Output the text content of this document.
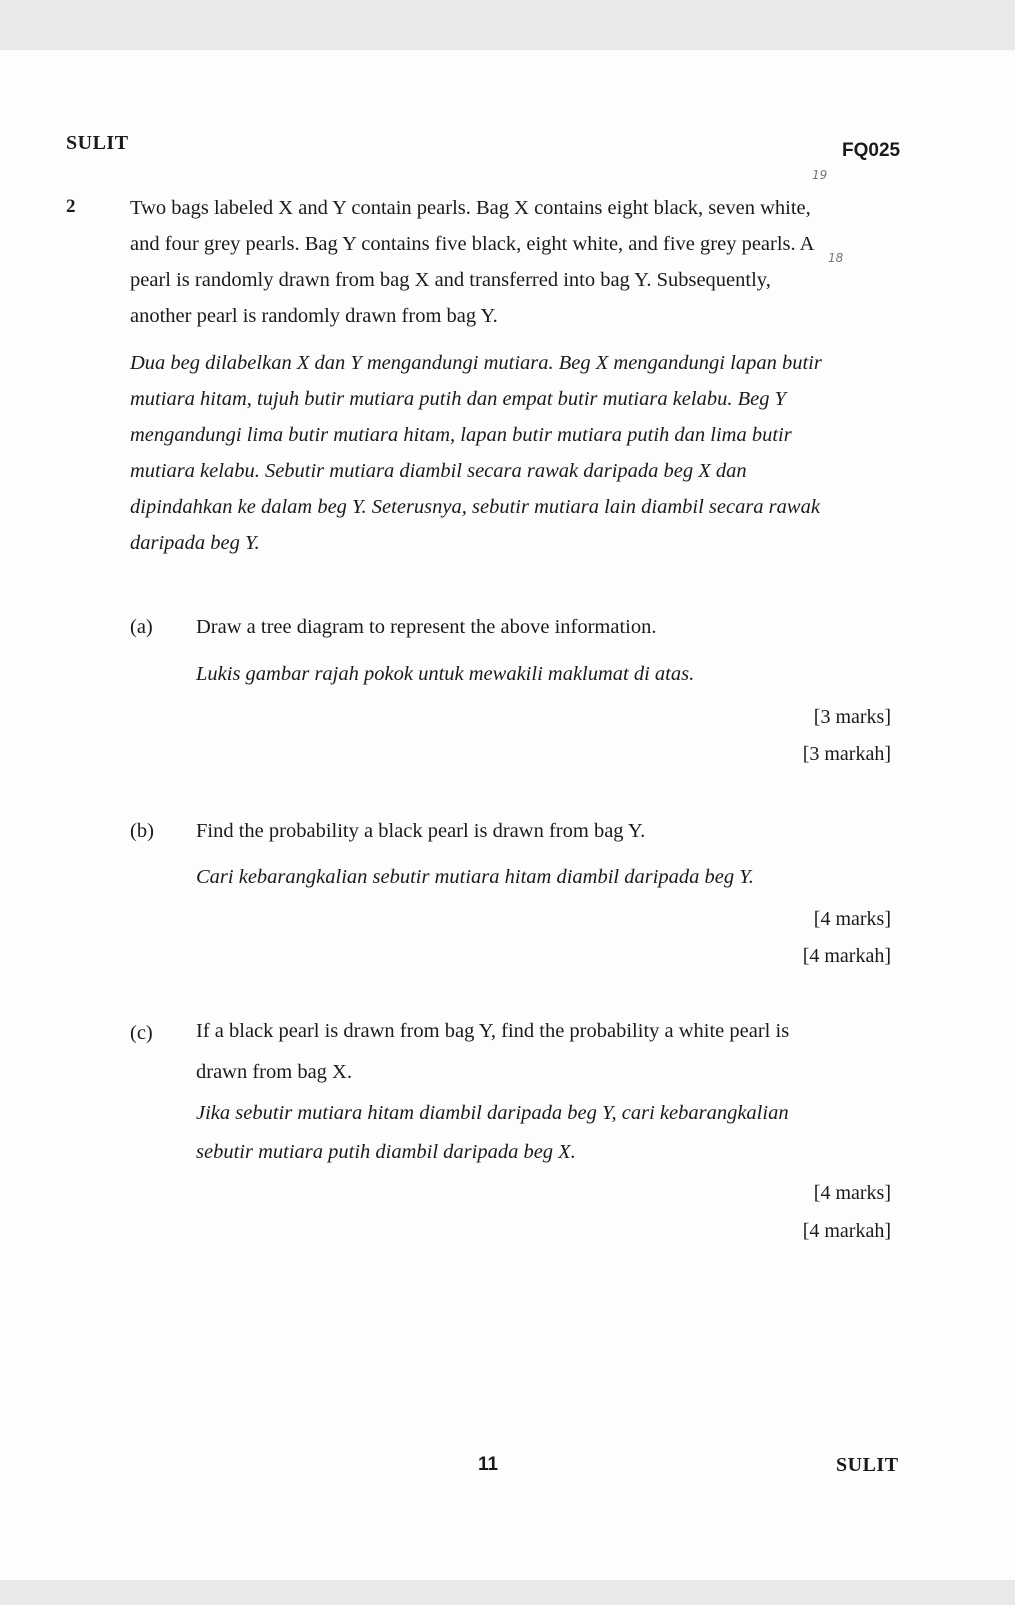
SULIT	FQ025
19
18
2	Two bags labeled X and Y contain pearls. Bag X contains eight black, seven white,

and four grey pearls. Bag Y contains five black, eight white, and five grey pearls. A

pearl is randomly drawn from bag X and transferred into bag Y. Subsequently,

another pearl is randomly drawn from bag Y.

Dua beg dilabelkan X dan Y mengandungi mutiara. Beg X mengandungi lapan butir

mutiara hitam, tujuh butir mutiara putih dan empat butir mutiara kelabu. Beg Y

mengandungi lima butir mutiara hitam, lapan butir mutiara putih dan lima butir

mutiara kelabu. Sebutir mutiara diambil secara rawak daripada beg X dan

dipindahkan ke dalam beg Y. Seterusnya, sebutir mutiara lain diambil secara rawak

daripada beg Y.

(a) Draw a tree diagram to represent the above information.
Lukis gambar rajah pokok untuk mewakili maklumat di atas.
[3 marks]
[3 markah]
(b) Find the probability a black pearl is drawn from bag Y.
Cari kebarangkalian sebutir mutiara hitam diambil daripada beg Y.
[4 marks]
[4 markah]
(c) If a black pearl is drawn from bag Y, find the probability a white pearl is
drawn from bag X.
Jika sebutir mutiara hitam diambil daripada beg Y, cari kebarangkalian
sebutir mutiara putih diambil daripada beg X.
[4 marks]
[4 markah]
11	SULIT
